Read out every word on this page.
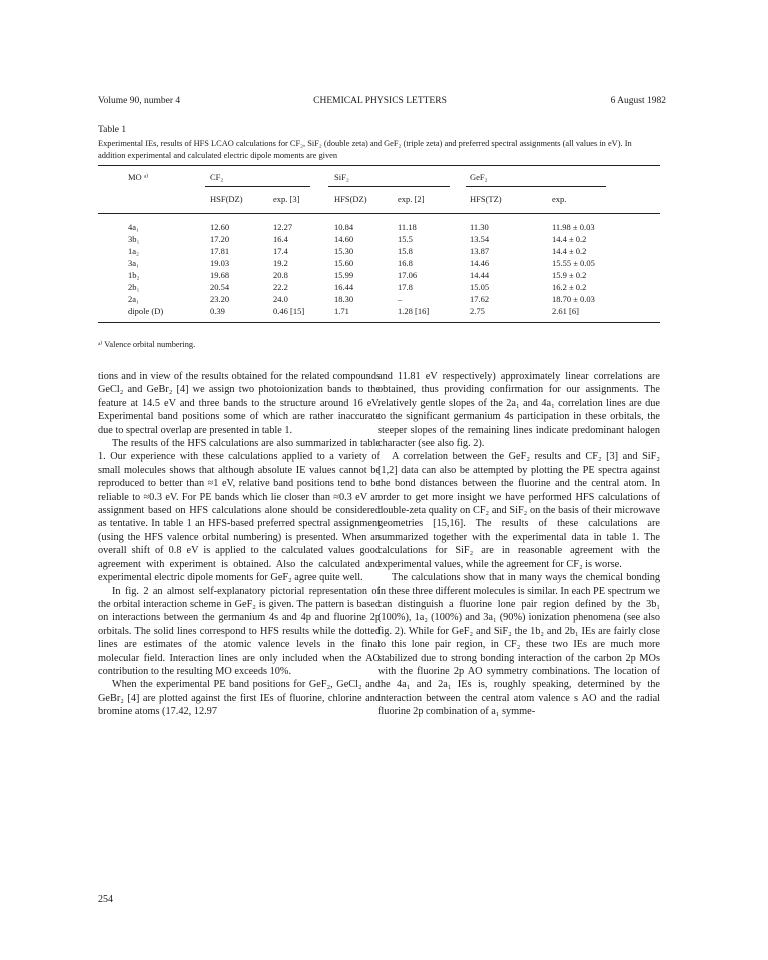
Volume 90, number 4	CHEMICAL PHYSICS LETTERS	6 August 1982
Table 1
Experimental IEs, results of HFS LCAO calculations for CF₂, SiF₂ (double zeta) and GeF₂ (triple zeta) and preferred spectral assignments (all values in eV). In addition experimental and calculated electric dipole moments are given
MO ᵃ⁾	CF₂	SiF₂	GeF₂
HSF(DZ)	exp. [3]	HFS(DZ)	exp. [2]	HFS(TZ)	exp.
4a₁	12.60	12.27	10.84	11.18	11.30	11.98 ± 0.03
3b₁	17.20	16.4	14.60	15.5	13.54	14.4 ± 0.2
1a₂	17.81	17.4	15.30	15.8	13.87	14.4 ± 0.2
3a₁	19.03	19.2	15.60	16.8	14.46	15.55 ± 0.05
1b₂	19.68	20.8	15.99	17.06	14.44	15.9 ± 0.2
2b₁	20.54	22.2	16.44	17.8	15.05	16.2 ± 0.2
2a₁	23.20	24.0	18.30	–	17.62	18.70 ± 0.03
dipole (D)	0.39	0.46 [15]	1.71	1.28 [16]	2.75	2.61 [6]
ᵃ⁾ Valence orbital numbering.

tions and in view of the results obtained for the related compounds GeCl₂ and GeBr₂ [4] we assign two photoionization bands to the feature at 14.5 eV and three bands to the structure around 16 eV. Experimental band positions some of which are rather inaccurate due to spectral overlap are presented in table 1.

The results of the HFS calculations are also summarized in table 1. Our experience with these calculations applied to a variety of small molecules shows that although absolute IE values cannot be reproduced to better than ≈1 eV, relative band positions tend to be reliable to ≈0.3 eV. For PE bands which lie closer than ≈0.3 eV an assignment based on HFS calculations alone should be considered as tentative. In table 1 an HFS-based preferred spectral assignment (using the HFS valence orbital numbering) is presented. When an overall shift of 0.8 eV is applied to the calculated values good agreement with experiment is obtained. Also the calculated and experimental electric dipole moments for GeF₂ agree quite well.

In fig. 2 an almost self-explanatory pictorial representation of the orbital interaction scheme in GeF₂ is given. The pattern is based on interactions between the germanium 4s and 4p and fluorine 2p orbitals. The solid lines correspond to HFS results while the dotted lines are estimates of the atomic valence levels in the final molecular field. Interaction lines are only included when the AO contribution to the resulting MO exceeds 10%.

When the experimental PE band positions for GeF₂, GeCl₂ and GeBr₂ [4] are plotted against the first IEs of fluorine, chlorine and bromine atoms (17.42, 12.97

and 11.81 eV respectively) approximately linear correlations are obtained, thus providing confirmation for our assignments. The relatively gentle slopes of the 2a₁ and 4a₁ correlation lines are due to the significant germanium 4s participation in these orbitals, the steeper slopes of the remaining lines indicate predominant halogen character (see also fig. 2).

A correlation between the GeF₂ results and CF₂ [3] and SiF₂ [1,2] data can also be attempted by plotting the PE spectra against the bond distances between the fluorine and the central atom. In order to get more insight we have performed HFS calculations of double-zeta quality on CF₂ and SiF₂ on the basis of their microwave geometries [15,16]. The results of these calculations are summarized together with the experimental data in table 1. The calculations for SiF₂ are in reasonable agreement with the experimental values, while the agreement for CF₂ is worse.

The calculations show that in many ways the chemical bonding in these three different molecules is similar. In each PE spectrum we can distinguish a fluorine lone pair region defined by the 3b₁ (100%), 1a₂ (100%) and 3a₁ (90%) ionization phenomena (see also fig. 2). While for GeF₂ and SiF₂ the 1b₂ and 2b₁ IEs are fairly close to this lone pair region, in CF₂ these two IEs are much more stabilized due to strong bonding interaction of the carbon 2p MOs with the fluorine 2p AO symmetry combinations. The location of the 4a₁ and 2a₁ IEs is, roughly speaking, determined by the interaction between the central atom valence s AO and the radial fluorine 2p combination of a₁ symme-

254
